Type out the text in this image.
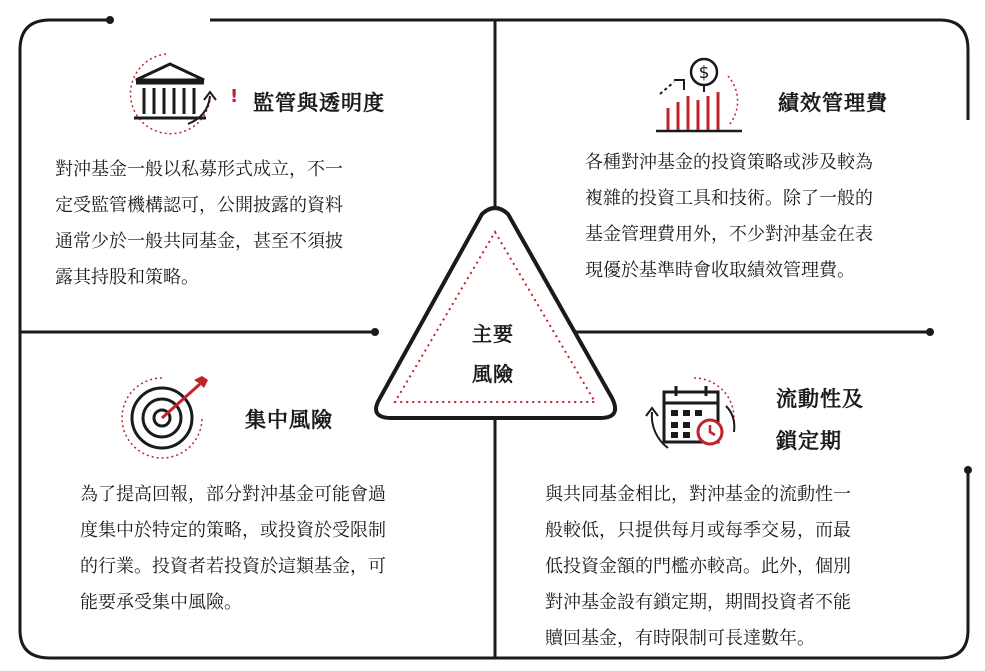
主要
風險
! 監管與透明度
對沖基金一般以私募形式成立，不一
定受監管機構認可，公開披露的資料
通常少於一般共同基金，甚至不須披
露其持股和策略。
$
績效管理費
各種對沖基金的投資策略或涉及較為
複雜的投資工具和技術。除了一般的
基金管理費用外，不少對沖基金在表
現優於基準時會收取績效管理費。
集中風險
為了提高回報，部分對沖基金可能會過
度集中於特定的策略，或投資於受限制
的行業。投資者若投資於這類基金，可
能要承受集中風險。
流動性及
鎖定期
與共同基金相比，對沖基金的流動性一
般較低，只提供每月或每季交易，而最
低投資金額的門檻亦較高。此外，個別
對沖基金設有鎖定期，期間投資者不能
贖回基金，有時限制可長達數年。
